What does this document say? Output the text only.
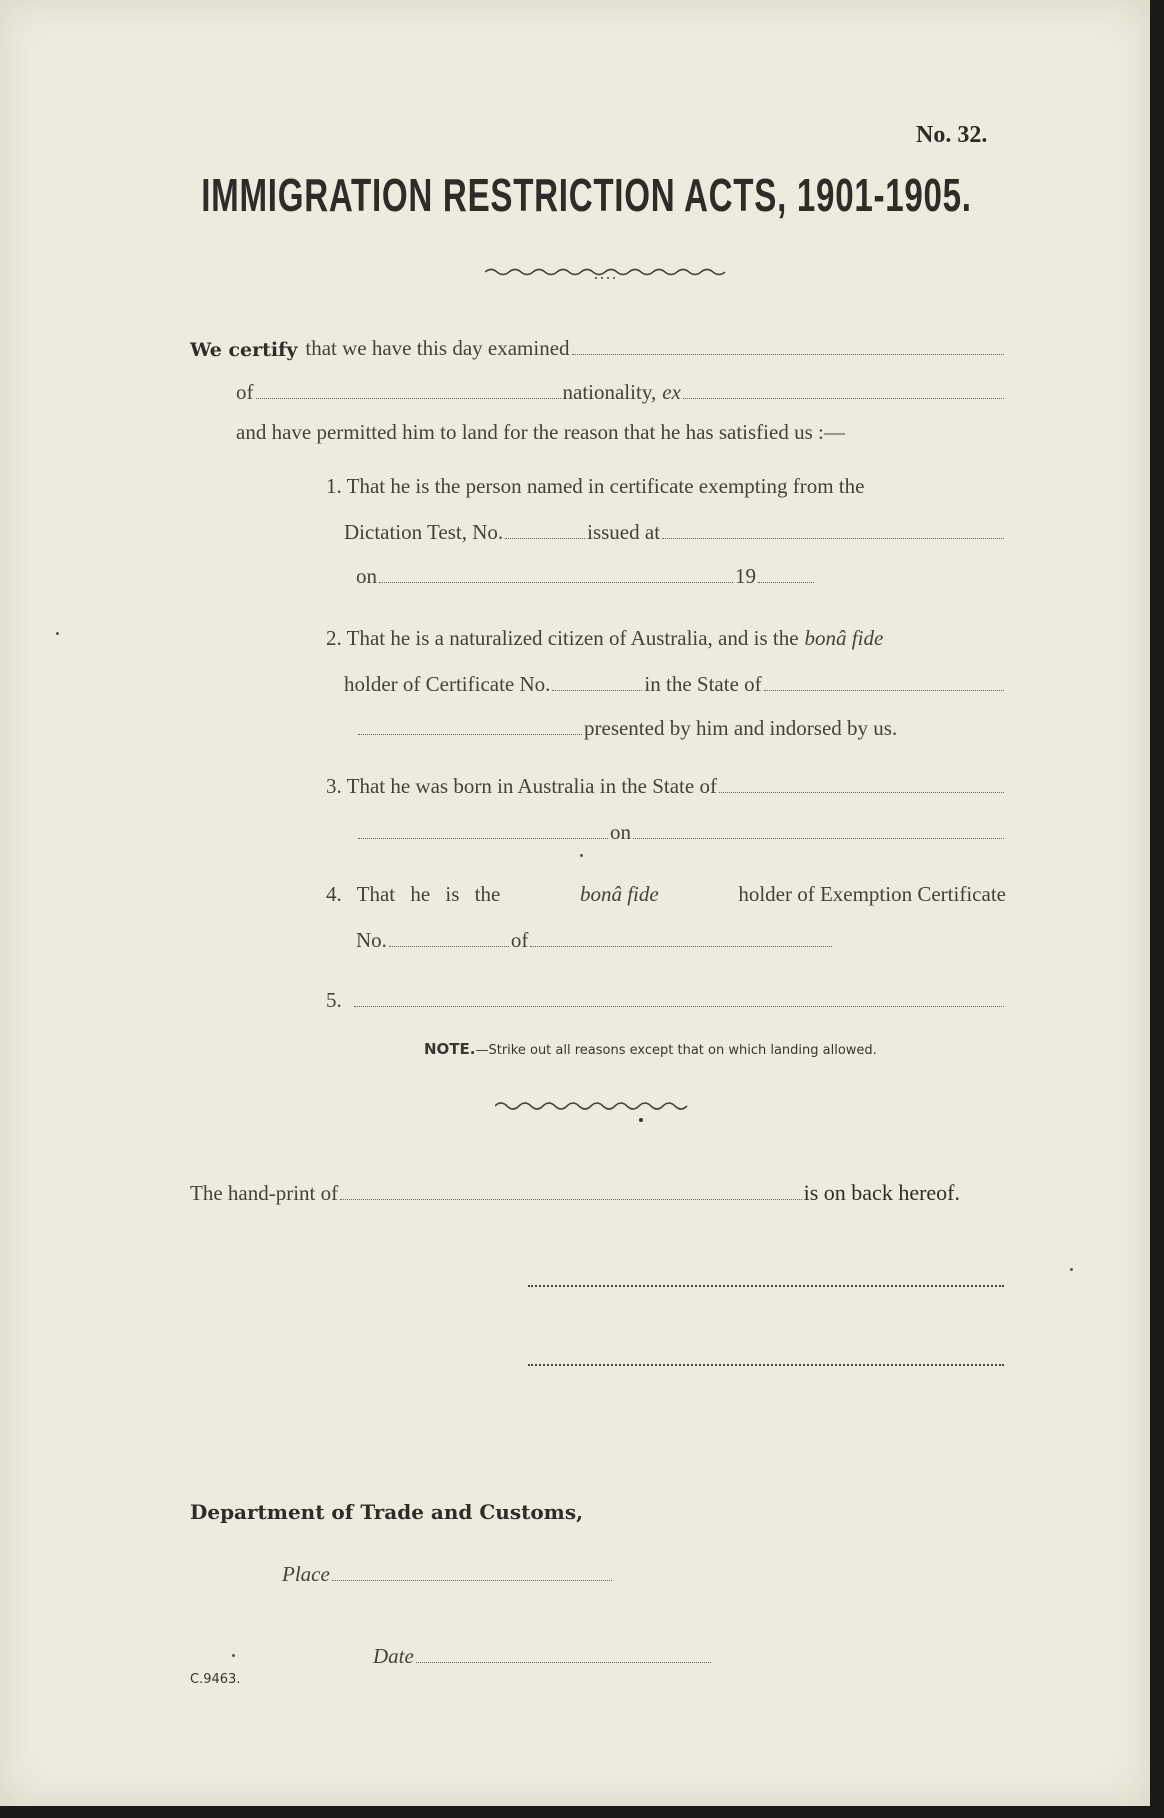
No. 32.
IMMIGRATION RESTRICTION ACTS, 1901-1905.
We certify that we have this day examined
of	nationality, ex
and have permitted him to land for the reason that he has satisfied us :—
1. That he is the person named in certificate exempting from the
Dictation Test, No.	issued at
on	19
2. That he is a naturalized citizen of Australia, and is the bonâ fide
holder of Certificate No.	in the State of
presented by him and indorsed by us.
3. That he was born in Australia in the State of
on
4. That he is the	bonâ fide	holder of Exemption Certificate
No.	of
5.
NOTE.—Strike out all reasons except that on which landing allowed.
The hand-print of	is on back hereof.
Department of Trade and Customs,
Place
Date
C.9463.
